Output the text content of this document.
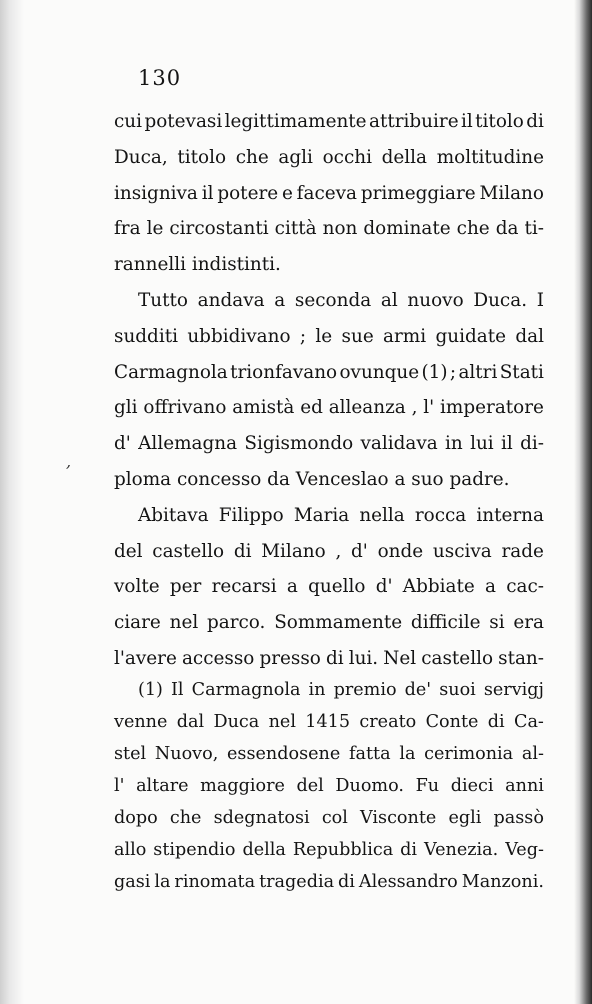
130
,
cui potevasi legittimamente attribuire il titolo di
Duca, titolo che agli occhi della moltitudine
insigniva il potere e faceva primeggiare Milano
fra le circostanti città non dominate che da ti-
rannelli indistinti.
Tutto andava a seconda al nuovo Duca. I
sudditi ubbidivano ; le sue armi guidate dal
Carmagnola trionfavano ovunque (1) ; altri Stati
gli offrivano amistà ed alleanza , l' imperatore
d' Allemagna Sigismondo validava in lui il di-
ploma concesso da Venceslao a suo padre.
Abitava Filippo Maria nella rocca interna
del castello di Milano , d' onde usciva rade
volte per recarsi a quello d' Abbiate a cac-
ciare nel parco. Sommamente difficile si era
l'avere accesso presso di lui. Nel castello stan-
(1) Il Carmagnola in premio de' suoi servigj
venne dal Duca nel 1415 creato Conte di Ca-
stel Nuovo, essendosene fatta la cerimonia al-
l' altare maggiore del Duomo. Fu dieci anni
dopo che sdegnatosi col Visconte egli passò
allo stipendio della Repubblica di Venezia. Veg-
gasi la rinomata tragedia di Alessandro Manzoni.
